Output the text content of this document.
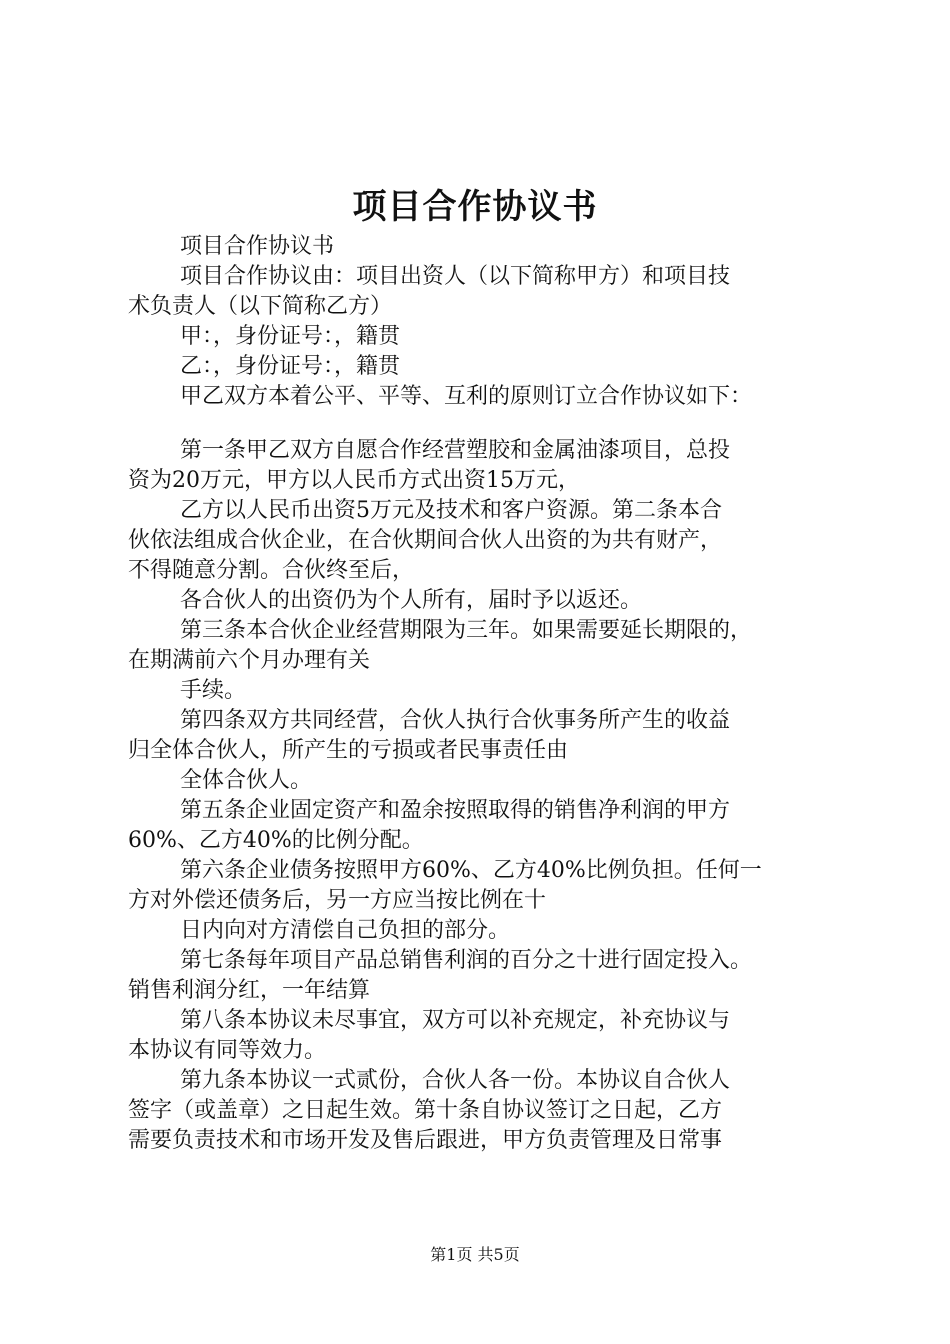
项目合作协议书
项目合作协议书
项目合作协议由：项目出资人（以下简称甲方）和项目技
术负责人（以下简称乙方）
甲：，身份证号：，籍贯
乙：，身份证号：，籍贯
甲乙双方本着公平、平等、互利的原则订立合作协议如下：
第一条甲乙双方自愿合作经营塑胶和金属油漆项目，总投
资为20万元，甲方以人民币方式出资15万元，
乙方以人民币出资5万元及技术和客户资源。第二条本合
伙依法组成合伙企业，在合伙期间合伙人出资的为共有财产，
不得随意分割。合伙终至后，
各合伙人的出资仍为个人所有，届时予以返还。
第三条本合伙企业经营期限为三年。如果需要延长期限的，
在期满前六个月办理有关
手续。
第四条双方共同经营，合伙人执行合伙事务所产生的收益
归全体合伙人，所产生的亏损或者民事责任由
全体合伙人。
第五条企业固定资产和盈余按照取得的销售净利润的甲方
60%、乙方40%的比例分配。
第六条企业债务按照甲方60%、乙方40%比例负担。任何一
方对外偿还债务后，另一方应当按比例在十
日内向对方清偿自己负担的部分。
第七条每年项目产品总销售利润的百分之十进行固定投入。
销售利润分红，一年结算
第八条本协议未尽事宜，双方可以补充规定，补充协议与
本协议有同等效力。
第九条本协议一式贰份，合伙人各一份。本协议自合伙人
签字（或盖章）之日起生效。第十条自协议签订之日起，乙方
需要负责技术和市场开发及售后跟进，甲方负责管理及日常事
第1页 共5页
